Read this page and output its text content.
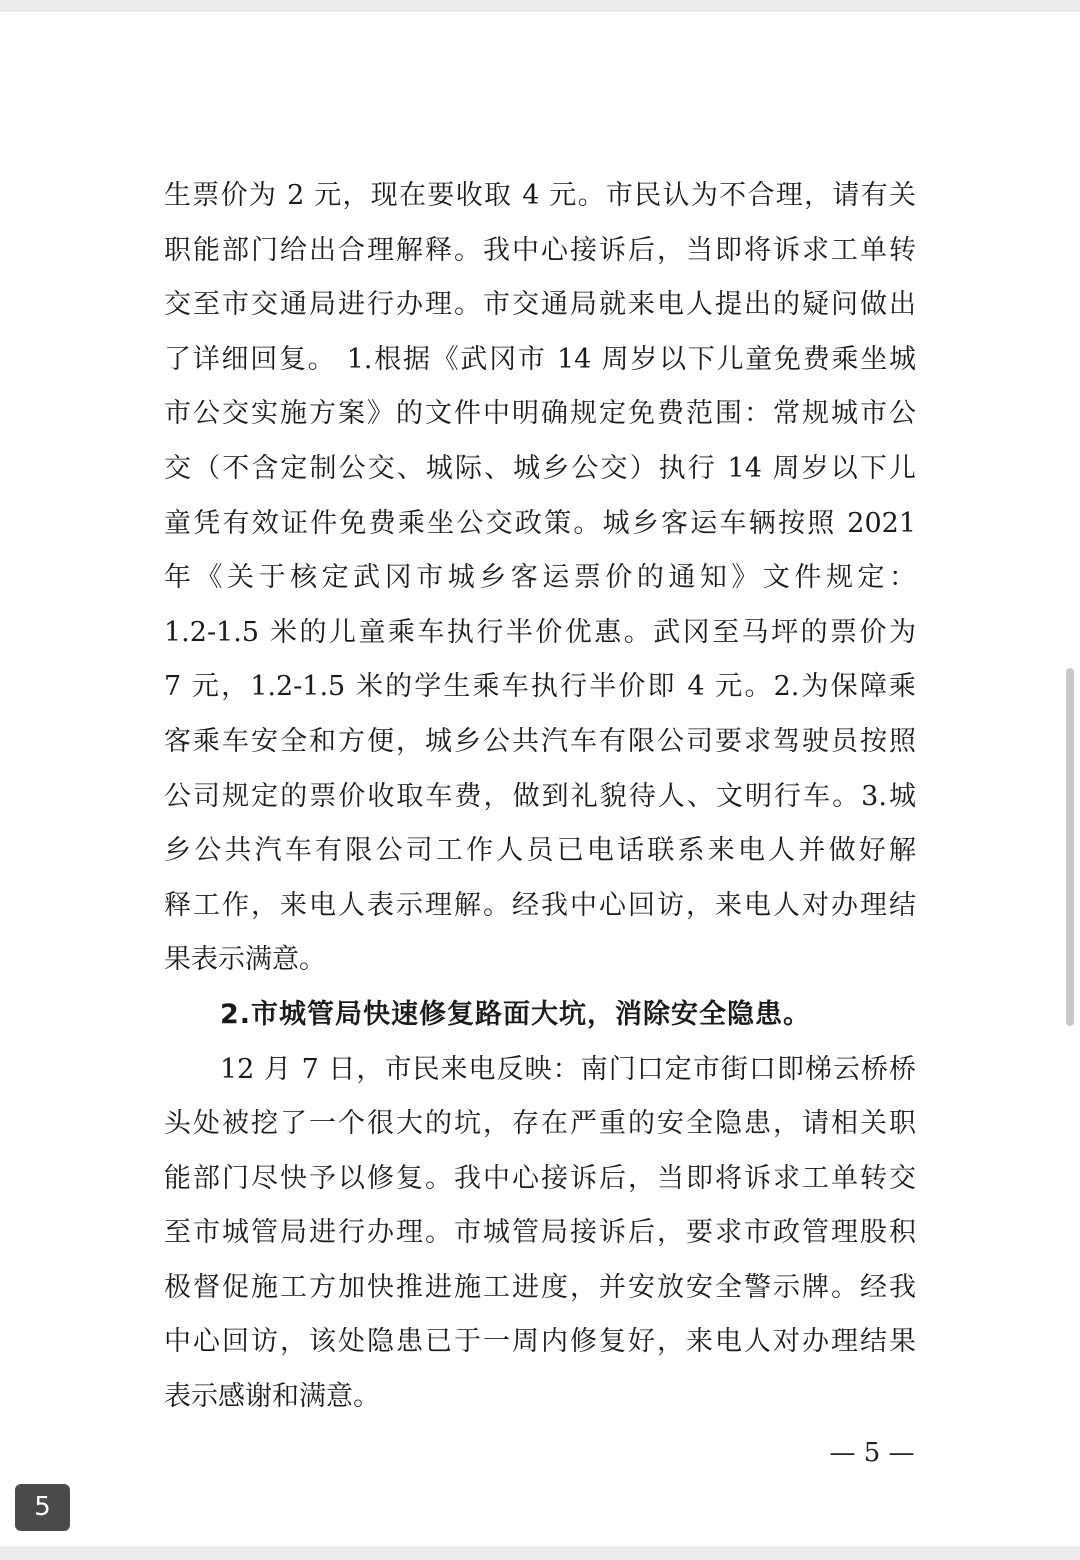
生票价为 2 元，现在要收取 4 元。市民认为不合理，请有关
职能部门给出合理解释。我中心接诉后，当即将诉求工单转
交至市交通局进行办理。市交通局就来电人提出的疑问做出
了详细回复。 1.根据《武冈市 14 周岁以下儿童免费乘坐城
市公交实施方案》的文件中明确规定免费范围：常规城市公
交（不含定制公交、城际、城乡公交）执行 14 周岁以下儿
童凭有效证件免费乘坐公交政策。城乡客运车辆按照 2021
年《关于核定武冈市城乡客运票价的通知》文件规定：
1.2-1.5 米的儿童乘车执行半价优惠。武冈至马坪的票价为
7 元，1.2-1.5 米的学生乘车执行半价即 4 元。2.为保障乘
客乘车安全和方便，城乡公共汽车有限公司要求驾驶员按照
公司规定的票价收取车费，做到礼貌待人、文明行车。3.城
乡公共汽车有限公司工作人员已电话联系来电人并做好解
释工作，来电人表示理解。经我中心回访，来电人对办理结
果表示满意。
2.市城管局快速修复路面大坑，消除安全隐患。
12 月 7 日，市民来电反映：南门口定市街口即梯云桥桥
头处被挖了一个很大的坑，存在严重的安全隐患，请相关职
能部门尽快予以修复。我中心接诉后，当即将诉求工单转交
至市城管局进行办理。市城管局接诉后，要求市政管理股积
极督促施工方加快推进施工进度，并安放安全警示牌。经我
中心回访，该处隐患已于一周内修复好，来电人对办理结果
表示感谢和满意。
— 5 —
5
